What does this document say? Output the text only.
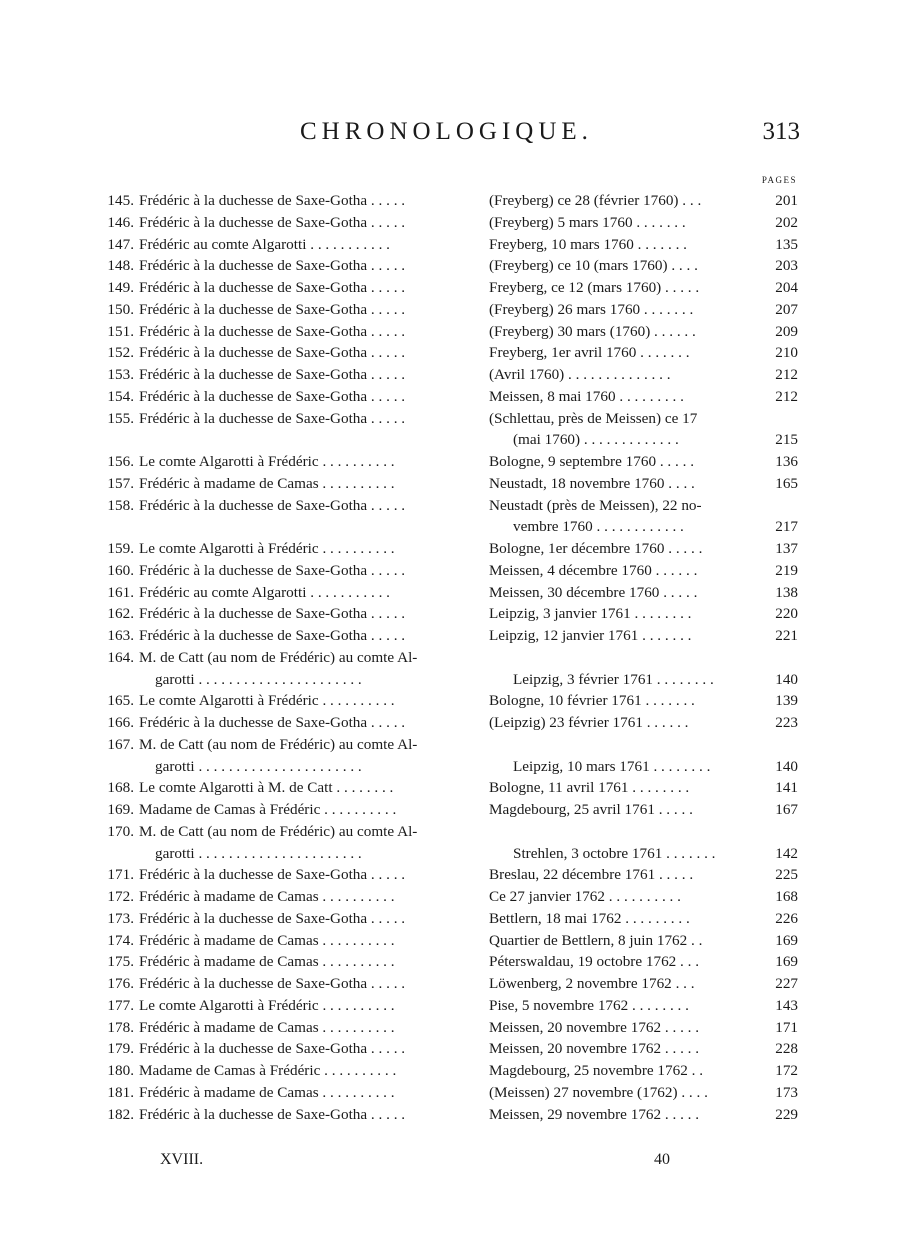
CHRONOLOGIQUE.	313
PAGES
145. Frédéric à la duchesse de Saxe-Gotha . . . . .	(Freyberg) ce 28 (février 1760) . . .	201
146. Frédéric à la duchesse de Saxe-Gotha . . . . .	(Freyberg) 5 mars 1760 . . . . . . .	202
147. Frédéric au comte Algarotti . . . . . . . . . . .	Freyberg, 10 mars 1760 . . . . . . .	135
148. Frédéric à la duchesse de Saxe-Gotha . . . . .	(Freyberg) ce 10 (mars 1760) . . . .	203
149. Frédéric à la duchesse de Saxe-Gotha . . . . .	Freyberg, ce 12 (mars 1760) . . . . .	204
150. Frédéric à la duchesse de Saxe-Gotha . . . . .	(Freyberg) 26 mars 1760 . . . . . . .	207
151. Frédéric à la duchesse de Saxe-Gotha . . . . .	(Freyberg) 30 mars (1760) . . . . . .	209
152. Frédéric à la duchesse de Saxe-Gotha . . . . .	Freyberg, 1er avril 1760 . . . . . . .	210
153. Frédéric à la duchesse de Saxe-Gotha . . . . .	(Avril 1760) . . . . . . . . . . . . . .	212
154. Frédéric à la duchesse de Saxe-Gotha . . . . .	Meissen, 8 mai 1760 . . . . . . . . .	212
155. Frédéric à la duchesse de Saxe-Gotha . . . . .	(Schlettau, près de Meissen) ce 17
(mai 1760) . . . . . . . . . . . . .	215
156. Le comte Algarotti à Frédéric . . . . . . . . . .	Bologne, 9 septembre 1760 . . . . .	136
157. Frédéric à madame de Camas . . . . . . . . . .	Neustadt, 18 novembre 1760 . . . .	165
158. Frédéric à la duchesse de Saxe-Gotha . . . . .	Neustadt (près de Meissen), 22 no-
vembre 1760 . . . . . . . . . . . .	217
159. Le comte Algarotti à Frédéric . . . . . . . . . .	Bologne, 1er décembre 1760 . . . . .	137
160. Frédéric à la duchesse de Saxe-Gotha . . . . .	Meissen, 4 décembre 1760 . . . . . .	219
161. Frédéric au comte Algarotti . . . . . . . . . . .	Meissen, 30 décembre 1760 . . . . .	138
162. Frédéric à la duchesse de Saxe-Gotha . . . . .	Leipzig, 3 janvier 1761 . . . . . . . .	220
163. Frédéric à la duchesse de Saxe-Gotha . . . . .	Leipzig, 12 janvier 1761 . . . . . . .	221
164. M. de Catt (au nom de Frédéric) au comte Al-
garotti . . . . . . . . . . . . . . . . . . . . . .	Leipzig, 3 février 1761 . . . . . . . .	140
165. Le comte Algarotti à Frédéric . . . . . . . . . .	Bologne, 10 février 1761 . . . . . . .	139
166. Frédéric à la duchesse de Saxe-Gotha . . . . .	(Leipzig) 23 février 1761 . . . . . .	223
167. M. de Catt (au nom de Frédéric) au comte Al-
garotti . . . . . . . . . . . . . . . . . . . . . .	Leipzig, 10 mars 1761 . . . . . . . .	140
168. Le comte Algarotti à M. de Catt . . . . . . . .	Bologne, 11 avril 1761 . . . . . . . .	141
169. Madame de Camas à Frédéric . . . . . . . . . .	Magdebourg, 25 avril 1761 . . . . .	167
170. M. de Catt (au nom de Frédéric) au comte Al-
garotti . . . . . . . . . . . . . . . . . . . . . .	Strehlen, 3 octobre 1761 . . . . . . .	142
171. Frédéric à la duchesse de Saxe-Gotha . . . . .	Breslau, 22 décembre 1761 . . . . .	225
172. Frédéric à madame de Camas . . . . . . . . . .	Ce 27 janvier 1762 . . . . . . . . . .	168
173. Frédéric à la duchesse de Saxe-Gotha . . . . .	Bettlern, 18 mai 1762 . . . . . . . . .	226
174. Frédéric à madame de Camas . . . . . . . . . .	Quartier de Bettlern, 8 juin 1762 . .	169
175. Frédéric à madame de Camas . . . . . . . . . .	Péterswaldau, 19 octobre 1762 . . .	169
176. Frédéric à la duchesse de Saxe-Gotha . . . . .	Löwenberg, 2 novembre 1762 . . .	227
177. Le comte Algarotti à Frédéric . . . . . . . . . .	Pise, 5 novembre 1762 . . . . . . . .	143
178. Frédéric à madame de Camas . . . . . . . . . .	Meissen, 20 novembre 1762 . . . . .	171
179. Frédéric à la duchesse de Saxe-Gotha . . . . .	Meissen, 20 novembre 1762 . . . . .	228
180. Madame de Camas à Frédéric . . . . . . . . . .	Magdebourg, 25 novembre 1762 . .	172
181. Frédéric à madame de Camas . . . . . . . . . .	(Meissen) 27 novembre (1762) . . . .	173
182. Frédéric à la duchesse de Saxe-Gotha . . . . .	Meissen, 29 novembre 1762 . . . . .	229
XVIII.	40
